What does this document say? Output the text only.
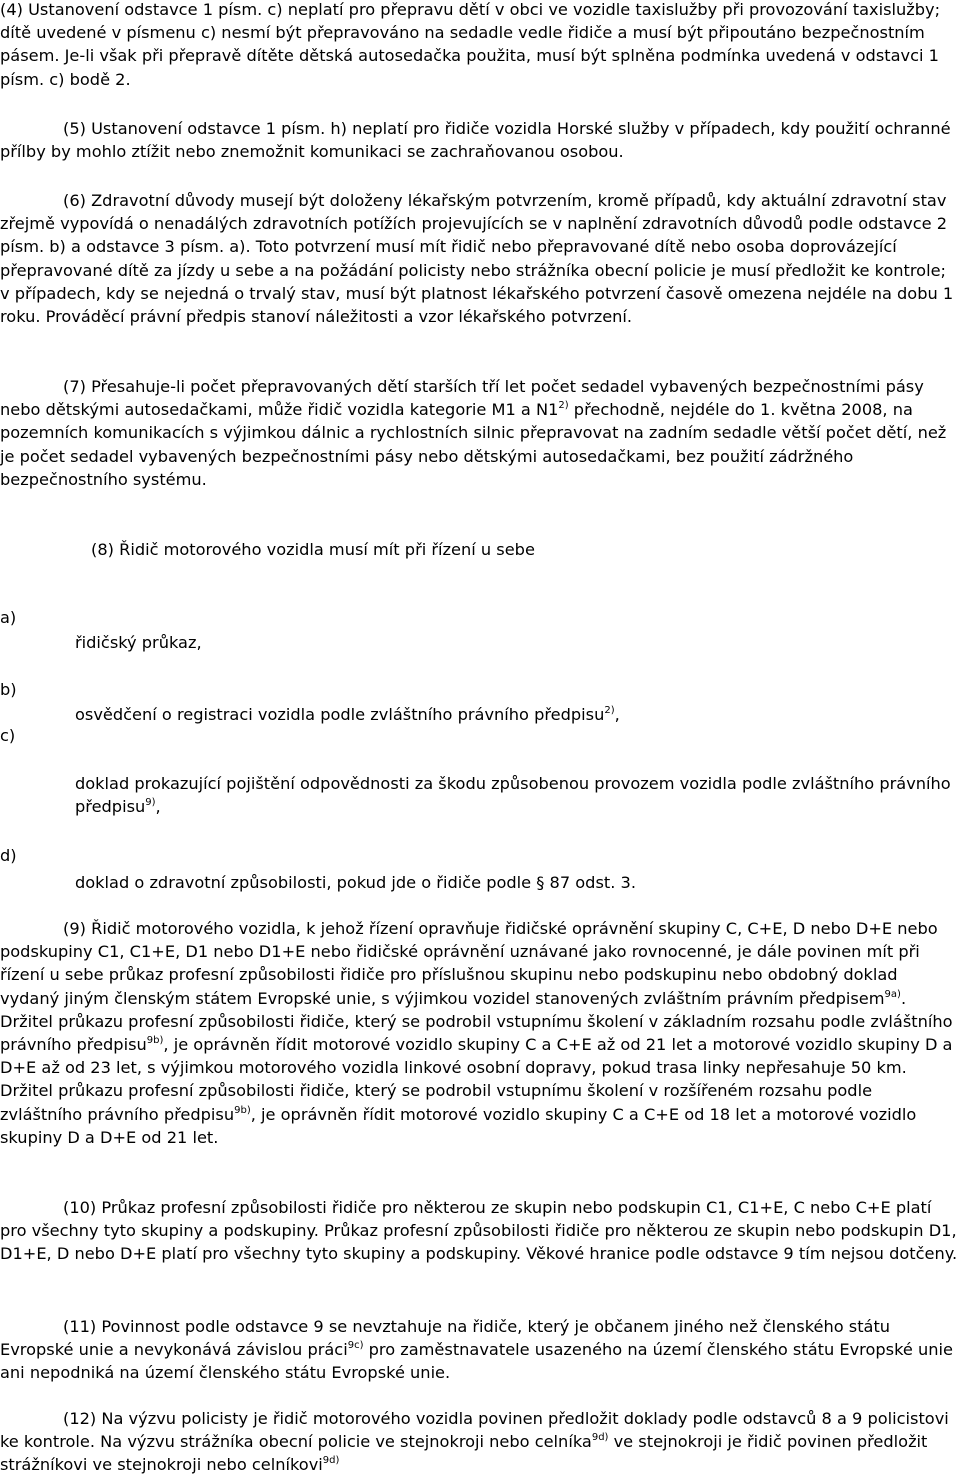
(4) Ustanovení odstavce 1 písm. c) neplatí pro přepravu dětí v obci ve vozidle taxislužby při provozování taxislužby; dítě uvedené v písmenu c) nesmí být přepravováno na sedadle vedle řidiče a musí být připoutáno bezpečnostním pásem. Je-li však při přepravě dítěte dětská autosedačka použita, musí být splněna podmínka uvedená v odstavci 1 písm. c) bodě 2.

(5) Ustanovení odstavce 1 písm. h) neplatí pro řidiče vozidla Horské služby v případech, kdy použití ochranné přílby by mohlo ztížit nebo znemožnit komunikaci se zachraňovanou osobou.

(6) Zdravotní důvody musejí být doloženy lékařským potvrzením, kromě případů, kdy aktuální zdravotní stav zřejmě vypovídá o nenadálých zdravotních potížích projevujících se v naplnění zdravotních důvodů podle odstavce 2 písm. b) a odstavce 3 písm. a). Toto potvrzení musí mít řidič nebo přepravované dítě nebo osoba doprovázející přepravované dítě za jízdy u sebe a na požádání policisty nebo strážníka obecní policie je musí předložit ke kontrole; v případech, kdy se nejedná o trvalý stav, musí být platnost lékařského potvrzení časově omezena nejdéle na dobu 1 roku. Prováděcí právní předpis stanoví náležitosti a vzor lékařského potvrzení.

(7) Přesahuje-li počet přepravovaných dětí starších tří let počet sedadel vybavených bezpečnostními pásy nebo dětskými autosedačkami, může řidič vozidla kategorie M1 a N1$^{2)}$ přechodně, nejdéle do 1. května 2008, na pozemních komunikacích s výjimkou dálnic a rychlostních silnic přepravovat na zadním sedadle větší počet dětí, než je počet sedadel vybavených bezpečnostními pásy nebo dětskými autosedačkami, bez použití zádržného bezpečnostního systému.

(8) Řidič motorového vozidla musí mít při řízení u sebe

a)
řidičský průkaz,
b)
osvědčení o registraci vozidla podle zvláštního právního předpisu$^{2)}$,
c)
doklad prokazující pojištění odpovědnosti za škodu způsobenou provozem vozidla podle zvláštního právního předpisu$^{9)}$,
d)
doklad o zdravotní způsobilosti, pokud jde o řidiče podle § 87 odst. 3.

(9) Řidič motorového vozidla, k jehož řízení opravňuje řidičské oprávnění skupiny C, C+E, D nebo D+E nebo podskupiny C1, C1+E, D1 nebo D1+E nebo řidičské oprávnění uznávané jako rovnocenné, je dále povinen mít při řízení u sebe průkaz profesní způsobilosti řidiče pro příslušnou skupinu nebo podskupinu nebo obdobný doklad vydaný jiným členským státem Evropské unie, s výjimkou vozidel stanovených zvláštním právním předpisem$^{9a)}$. Držitel průkazu profesní způsobilosti řidiče, který se podrobil vstupnímu školení v základním rozsahu podle zvláštního právního předpisu$^{9b)}$, je oprávněn řídit motorové vozidlo skupiny C a C+E až od 21 let a motorové vozidlo skupiny D a D+E až od 23 let, s výjimkou motorového vozidla linkové osobní dopravy, pokud trasa linky nepřesahuje 50 km. Držitel průkazu profesní způsobilosti řidiče, který se podrobil vstupnímu školení v rozšířeném rozsahu podle zvláštního právního předpisu$^{9b)}$, je oprávněn řídit motorové vozidlo skupiny C a C+E od 18 let a motorové vozidlo skupiny D a D+E od 21 let.

(10) Průkaz profesní způsobilosti řidiče pro některou ze skupin nebo podskupin C1, C1+E, C nebo C+E platí pro všechny tyto skupiny a podskupiny. Průkaz profesní způsobilosti řidiče pro některou ze skupin nebo podskupin D1, D1+E, D nebo D+E platí pro všechny tyto skupiny a podskupiny. Věkové hranice podle odstavce 9 tím nejsou dotčeny.

(11) Povinnost podle odstavce 9 se nevztahuje na řidiče, který je občanem jiného než členského státu Evropské unie a nevykonává závislou práci$^{9c)}$ pro zaměstnavatele usazeného na území členského státu Evropské unie ani nepodniká na území členského státu Evropské unie.

(12) Na výzvu policisty je řidič motorového vozidla povinen předložit doklady podle odstavců 8 a 9 policistovi ke kontrole. Na výzvu strážníka obecní policie ve stejnokroji nebo celníka$^{9d)}$ ve stejnokroji je řidič povinen předložit strážníkovi ve stejnokroji nebo celníkovi$^{9d)}$
